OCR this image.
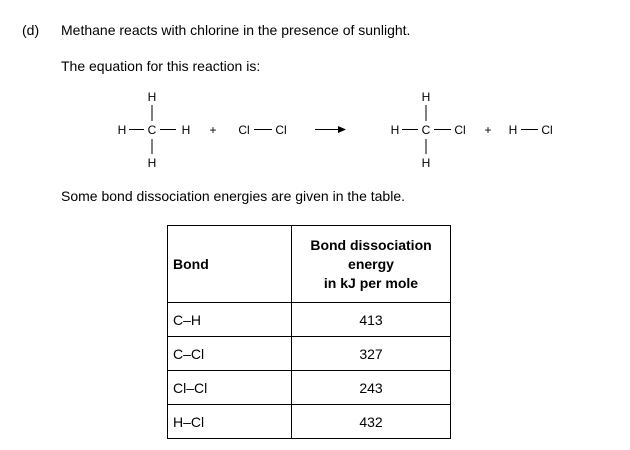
(d) Methane reacts with chlorine in the presence of sunlight.
The equation for this reaction is:
H
H C H
H
+ Cl Cl
H
H C Cl
H
+ H Cl
Some bond dissociation energies are given in the table.
Bond	Bond dissociation
energy
in kJ per mole
C–H	413
C–Cl	327
Cl–Cl	243
H–Cl	432
